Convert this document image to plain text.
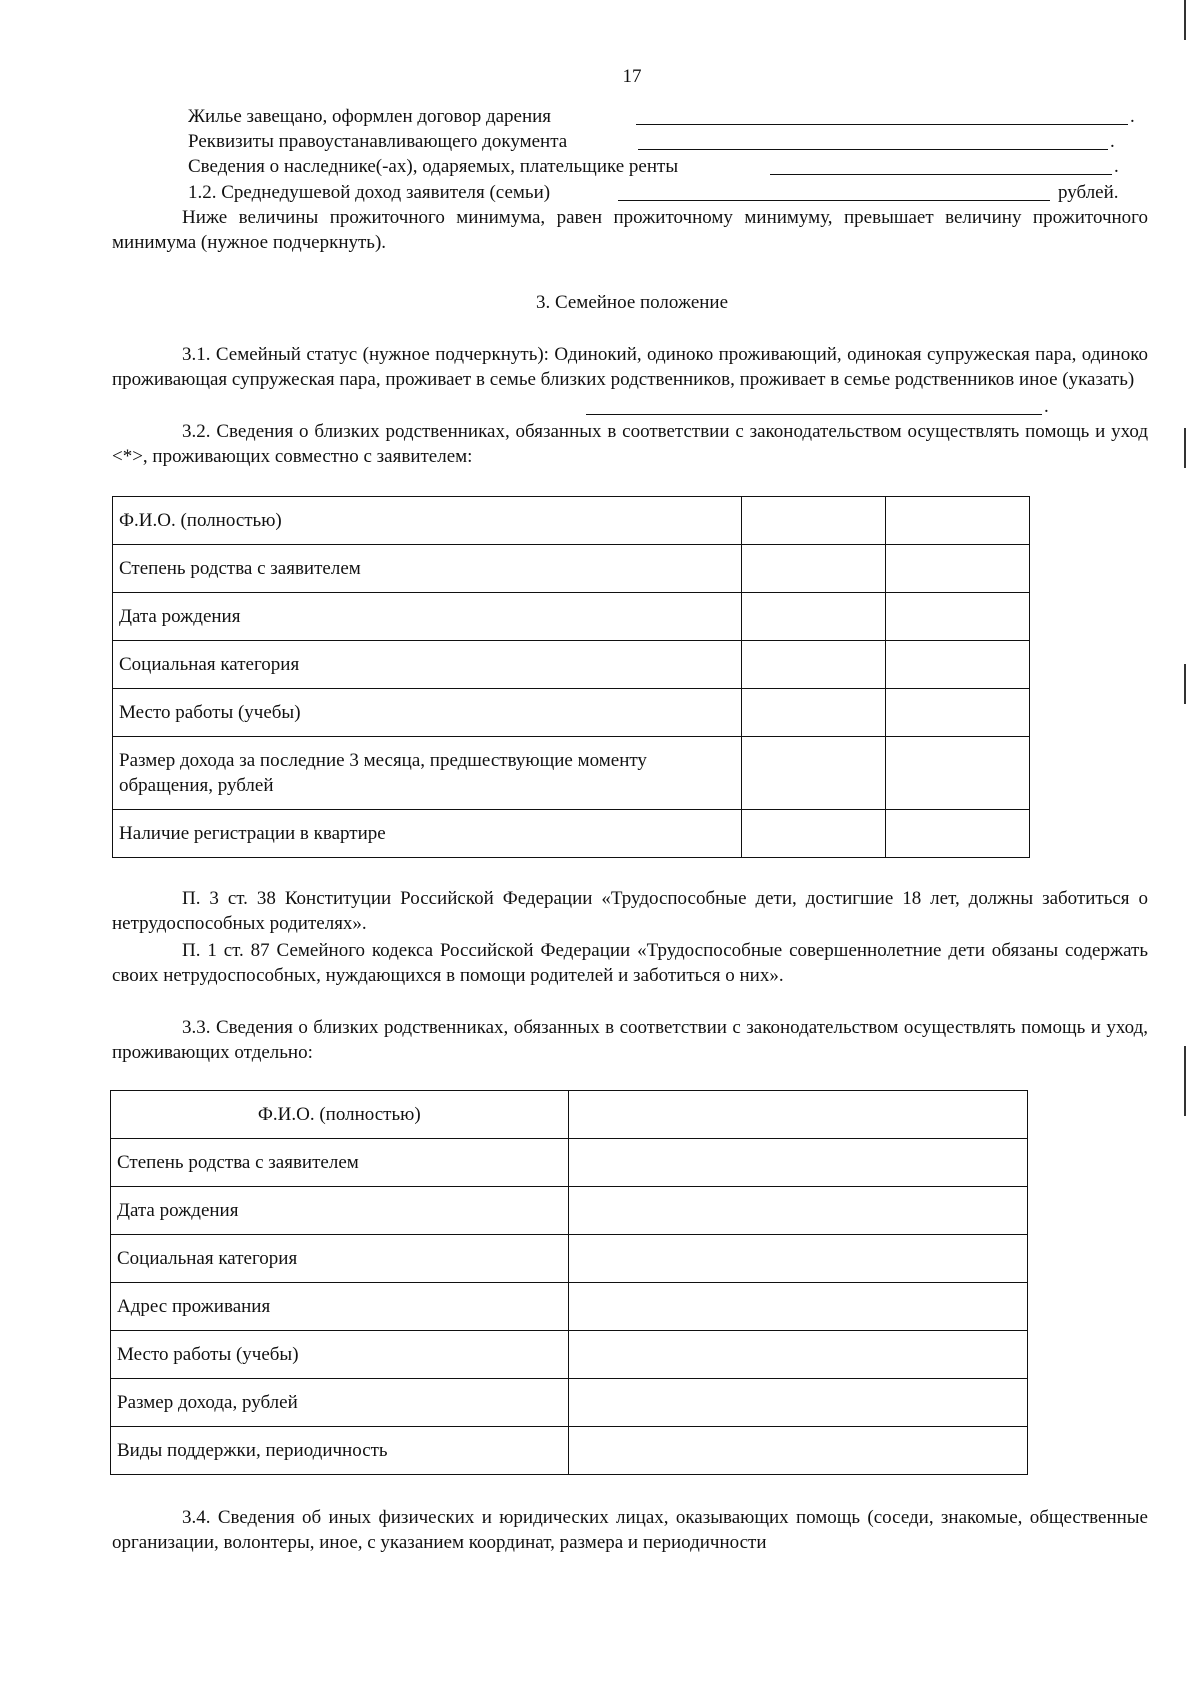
17
Жилье завещано, оформлен договор дарения	.
Реквизиты правоустанавливающего документа	.
Сведения о наследнике(-ах), одаряемых, плательщике ренты	.
1.2. Среднедушевой доход заявителя (семьи)	рублей.

Ниже величины прожиточного минимума, равен прожиточному минимуму, превышает величину прожиточного минимума (нужное подчеркнуть).

3. Семейное положение

3.1. Семейный статус (нужное подчеркнуть): Одинокий, одиноко проживающий, одинокая супружеская пара, одиноко проживающая супружеская пара, проживает в семье близких родственников, проживает в семье родственников иное (указать)

.

3.2. Сведения о близких родственниках, обязанных в соответствии с законодательством осуществлять помощь и уход <*>, проживающих совместно с заявителем:

Ф.И.О. (полностью)		
Степень родства с заявителем		
Дата рождения		
Социальная категория		
Место работы (учебы)		
Размер дохода за последние 3 месяца, предшествующие моменту обращения, рублей		
Наличие регистрации в квартире		

П. 3 ст. 38 Конституции Российской Федерации «Трудоспособные дети, достигшие 18 лет, должны заботиться о нетрудоспособных родителях».

П. 1 ст. 87 Семейного кодекса Российской Федерации «Трудоспособные совершеннолетние дети обязаны содержать своих нетрудоспособных, нуждающихся в помощи родителей и заботиться о них».

3.3. Сведения о близких родственниках, обязанных в соответствии с законодательством осуществлять помощь и уход, проживающих отдельно:

Ф.И.О. (полностью)	
Степень родства с заявителем	
Дата рождения	
Социальная категория	
Адрес проживания	
Место работы (учебы)	
Размер дохода, рублей	
Виды поддержки, периодичность	

3.4. Сведения об иных физических и юридических лицах, оказывающих помощь (соседи, знакомые, общественные организации, волонтеры, иное, с указанием координат, размера и периодичности
